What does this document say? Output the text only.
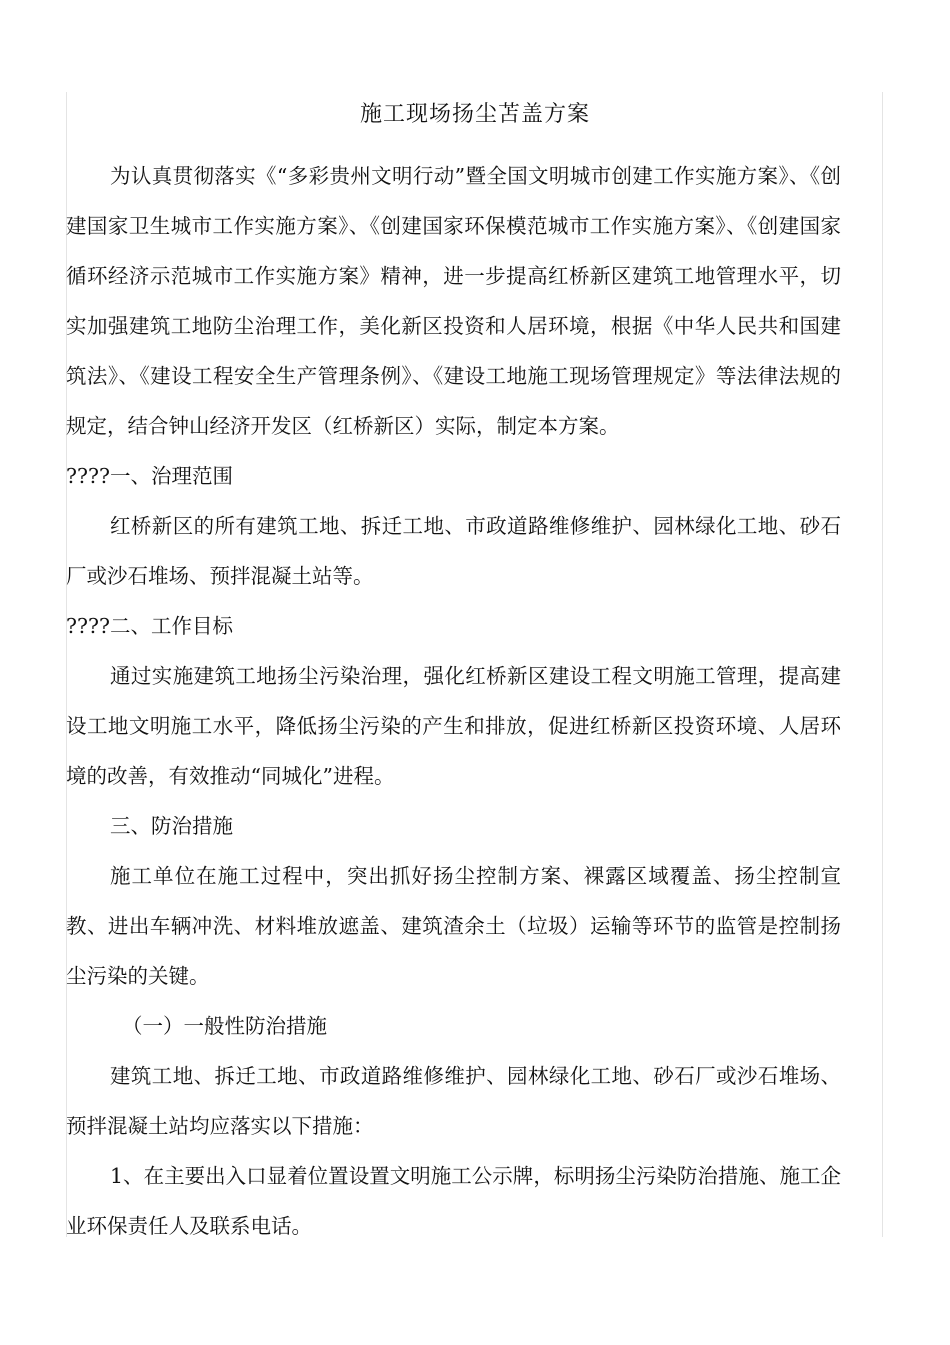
施工现场扬尘苫盖方案

为认真贯彻落实《“多彩贵州文明行动”暨全国文明城市创建工作实施方案》、《创建国家卫生城市工作实施方案》、《创建国家环保模范城市工作实施方案》、《创建国家循环经济示范城市工作实施方案》精神，进一步提高红桥新区建筑工地管理水平，切实加强建筑工地防尘治理工作，美化新区投资和人居环境，根据《中华人民共和国建筑法》、《建设工程安全生产管理条例》、《建设工地施工现场管理规定》等法律法规的规定，结合钟山经济开发区（红桥新区）实际，制定本方案。

????一、治理范围

红桥新区的所有建筑工地、拆迁工地、市政道路维修维护、园林绿化工地、砂石厂或沙石堆场、预拌混凝土站等。

????二、工作目标

通过实施建筑工地扬尘污染治理，强化红桥新区建设工程文明施工管理，提高建设工地文明施工水平，降低扬尘污染的产生和排放，促进红桥新区投资环境、人居环境的改善，有效推动“同城化”进程。

三、防治措施

施工单位在施工过程中，突出抓好扬尘控制方案、裸露区域覆盖、扬尘控制宣教、进出车辆冲洗、材料堆放遮盖、建筑渣余土（垃圾）运输等环节的监管是控制扬尘污染的关键。

（一）一般性防治措施

建筑工地、拆迁工地、市政道路维修维护、园林绿化工地、砂石厂或沙石堆场、预拌混凝土站均应落实以下措施：

1、在主要出入口显着位置设置文明施工公示牌，标明扬尘污染防治措施、施工企业环保责任人及联系电话。
